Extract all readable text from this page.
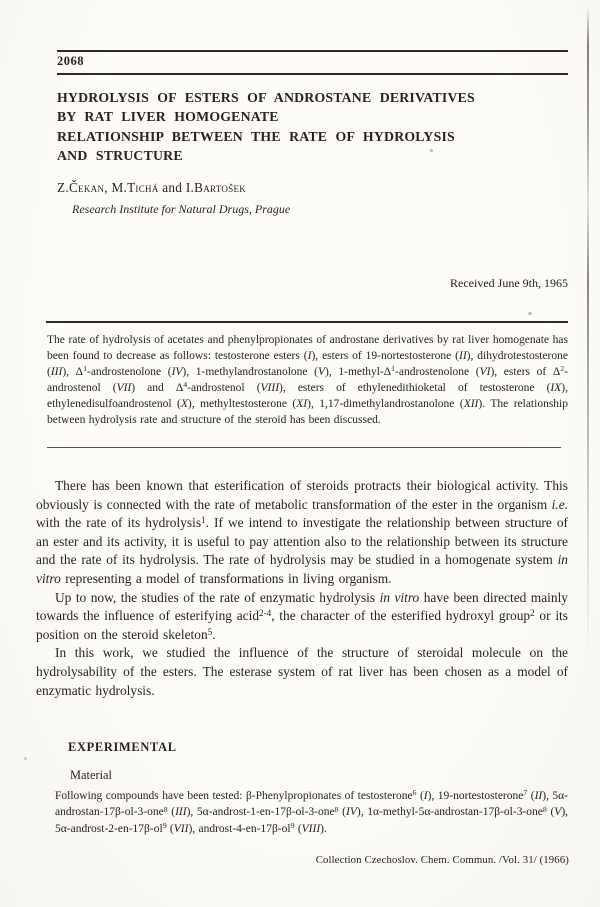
2068
HYDROLYSIS OF ESTERS OF ANDROSTANE DERIVATIVES
BY RAT LIVER HOMOGENATE
RELATIONSHIP BETWEEN THE RATE OF HYDROLYSIS
AND STRUCTURE
Z.Čekan, M.Tichá and I.Bartošek
Research Institute for Natural Drugs, Prague
Received June 9th, 1965
The rate of hydrolysis of acetates and phenylpropionates of androstane derivatives by rat liver homogenate has been found to decrease as follows: testosterone esters (I), esters of 19-nortestosterone (II), dihydrotestosterone (III), $\Delta^1$-androstenolone (IV), 1-methylandrostanolone (V), $1-methyl-\Delta^1$-androstenolone (VI), esters of $\Delta^2$-androstenol (VII) and $\Delta^4$-androstenol (VIII), esters of ethylenedithioketal of testosterone (IX), ethylenedisulfoandrostenol (X), methyltestosterone (XI), 1,17-dimethylandrostanolone (XII). The relationship between hydrolysis rate and structure of the steroid has been discussed.

There has been known that esterification of steroids protracts their biological activity. This obviously is connected with the rate of metabolic transformation of the ester in the organism i.e. with the rate of its hydrolysis$^1$. If we intend to investigate the relationship between structure of an ester and its activity, it is useful to pay attention also to the relationship between its structure and the rate of its hydrolysis. The rate of hydrolysis may be studied in a homogenate system in vitro representing a model of transformations in living organism.

Up to now, the studies of the rate of enzymatic hydrolysis in vitro have been directed mainly towards the influence of esterifying acid$^{2-4}$, the character of the esterified hydroxyl group$^2$ or its position on the steroid skeleton$^5$.

In this work, we studied the influence of the structure of steroidal molecule on the hydrolysability of the esters. The esterase system of rat liver has been chosen as a model of enzymatic hydrolysis.

EXPERIMENTAL
Material
Following compounds have been tested: β-Phenylpropionates of testosterone$^6$ (I), 19-nortestosterone$^7$ (II), 5α-androstan-17β-ol-3-one$^8$ (III), 5α-androst-1-en-17β-ol-3-one$^8$ (IV), 1α-methyl-5α-androstan-17β-ol-3-one$^8$ (V), $5\alpha-androst-2-en-17\beta-ol^9$ (VII), androst-$4-en-17\beta-ol^9$ (VIII).
Collection Czechoslov. Chem. Commun. /Vol. 31/ (1966)
